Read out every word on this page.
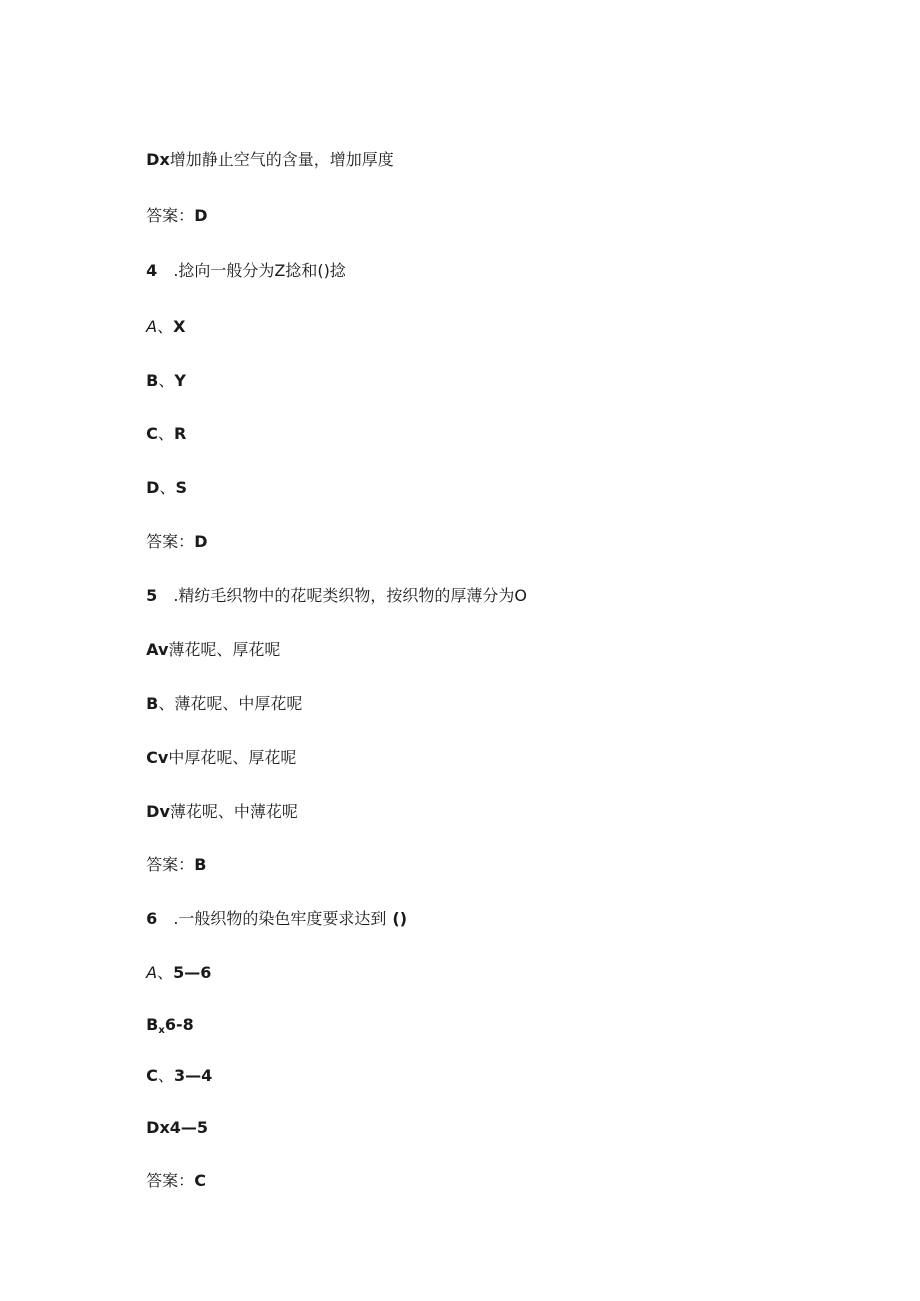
Dx增加静止空气的含量，增加厚度

答案：D

4 .捻向一般分为Z捻和()捻

A、X

B、Y

C、R

D、S

答案：D

5 .精纺毛织物中的花呢类织物，按织物的厚薄分为O

Av薄花呢、厚花呢

B、薄花呢、中厚花呢

Cv中厚花呢、厚花呢

Dv薄花呢、中薄花呢

答案：B

6 .一般织物的染色牢度要求达到 ()

A、5—6

$B_x6-8$

C、3—4

Dx4—5

答案：C
